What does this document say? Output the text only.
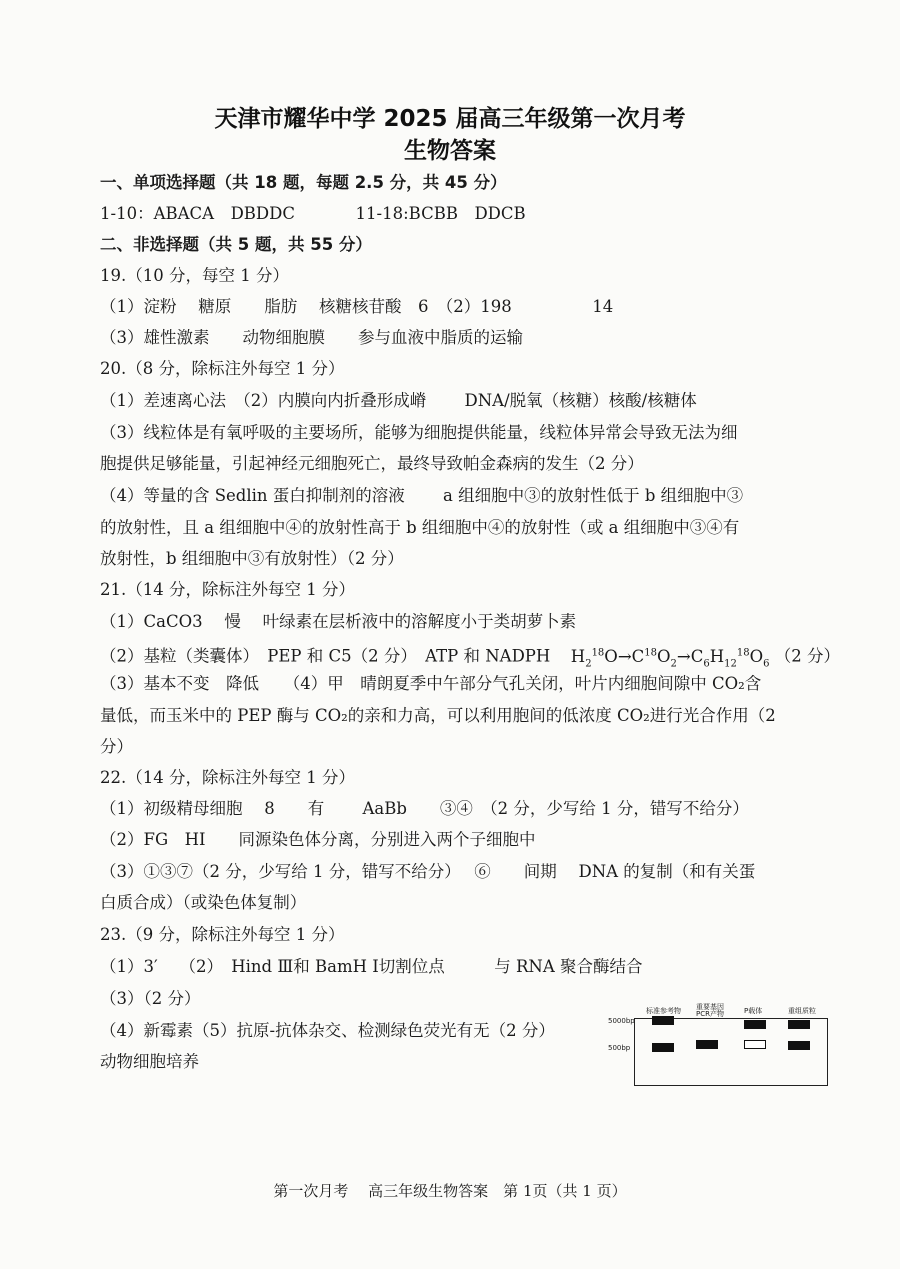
天津市耀华中学 2025 届高三年级第一次月考
生物答案
一、单项选择题（共 18 题，每题 2.5 分，共 45 分）
1-10：ABACA　DBDDC	11-18:BCBB　DDCB
二、非选择题（共 5 题，共 55 分）
19.（10 分，每空 1 分）
（1）淀粉　 糖原　　脂肪　 核糖核苷酸　6　（2）198	14
（3）雄性激素　　动物细胞膜　　参与血液中脂质的运输
20.（8 分，除标注外每空 1 分）
（1）差速离心法　（2）内膜向内折叠形成嵴　　 DNA/脱氧（核糖）核酸/核糖体
（3）线粒体是有氧呼吸的主要场所，能够为细胞提供能量，线粒体异常会导致无法为细
胞提供足够能量，引起神经元细胞死亡，最终导致帕金森病的发生（2 分）
（4）等量的含 Sedlin 蛋白抑制剂的溶液　　 a 组细胞中③的放射性低于 b 组细胞中③
的放射性，且 a 组细胞中④的放射性高于 b 组细胞中④的放射性（或 a 组细胞中③④有
放射性，b 组细胞中③有放射性）（2 分）
21.（14 分，除标注外每空 1 分）
（1）CaCO3　 慢　 叶绿素在层析液中的溶解度小于类胡萝卜素
（2）基粒（类囊体）　PEP 和 C5（2 分）　ATP 和 NADPH $H_2^{18}O\to C^{18}O_2\to C_6H_{12}^{18}O_6$ （2 分）
（3）基本不变　降低　　（4）甲　晴朗夏季中午部分气孔关闭，叶片内细胞间隙中 CO₂含
量低，而玉米中的 PEP 酶与 CO₂的亲和力高，可以利用胞间的低浓度 CO₂进行光合作用（2
分）
22.（14 分，除标注外每空 1 分）
（1）初级精母细胞　 8　　有　　 AaBb　　③④　（2 分，少写给 1 分，错写不给分）
（2）FG　HI　　同源染色体分离，分别进入两个子细胞中
（3）①③⑦（2 分，少写给 1 分，错写不给分）　 ⑥　　间期　 DNA 的复制（和有关蛋
白质合成）（或染色体复制）
23.（9 分，除标注外每空 1 分）
（1）3′　 （2）　Hind Ⅲ和 BamH Ⅰ切割位点　　　与 RNA 聚合酶结合
（3）（2 分）
（4）新霉素（5）抗原-抗体杂交、检测绿色荧光有无（2 分）
动物细胞培养
标准参考物 重要基因
PCR产物	P载体	重组质粒
5000bp
500bp
第一次月考　 高三年级生物答案　第 1页（共 1 页）
